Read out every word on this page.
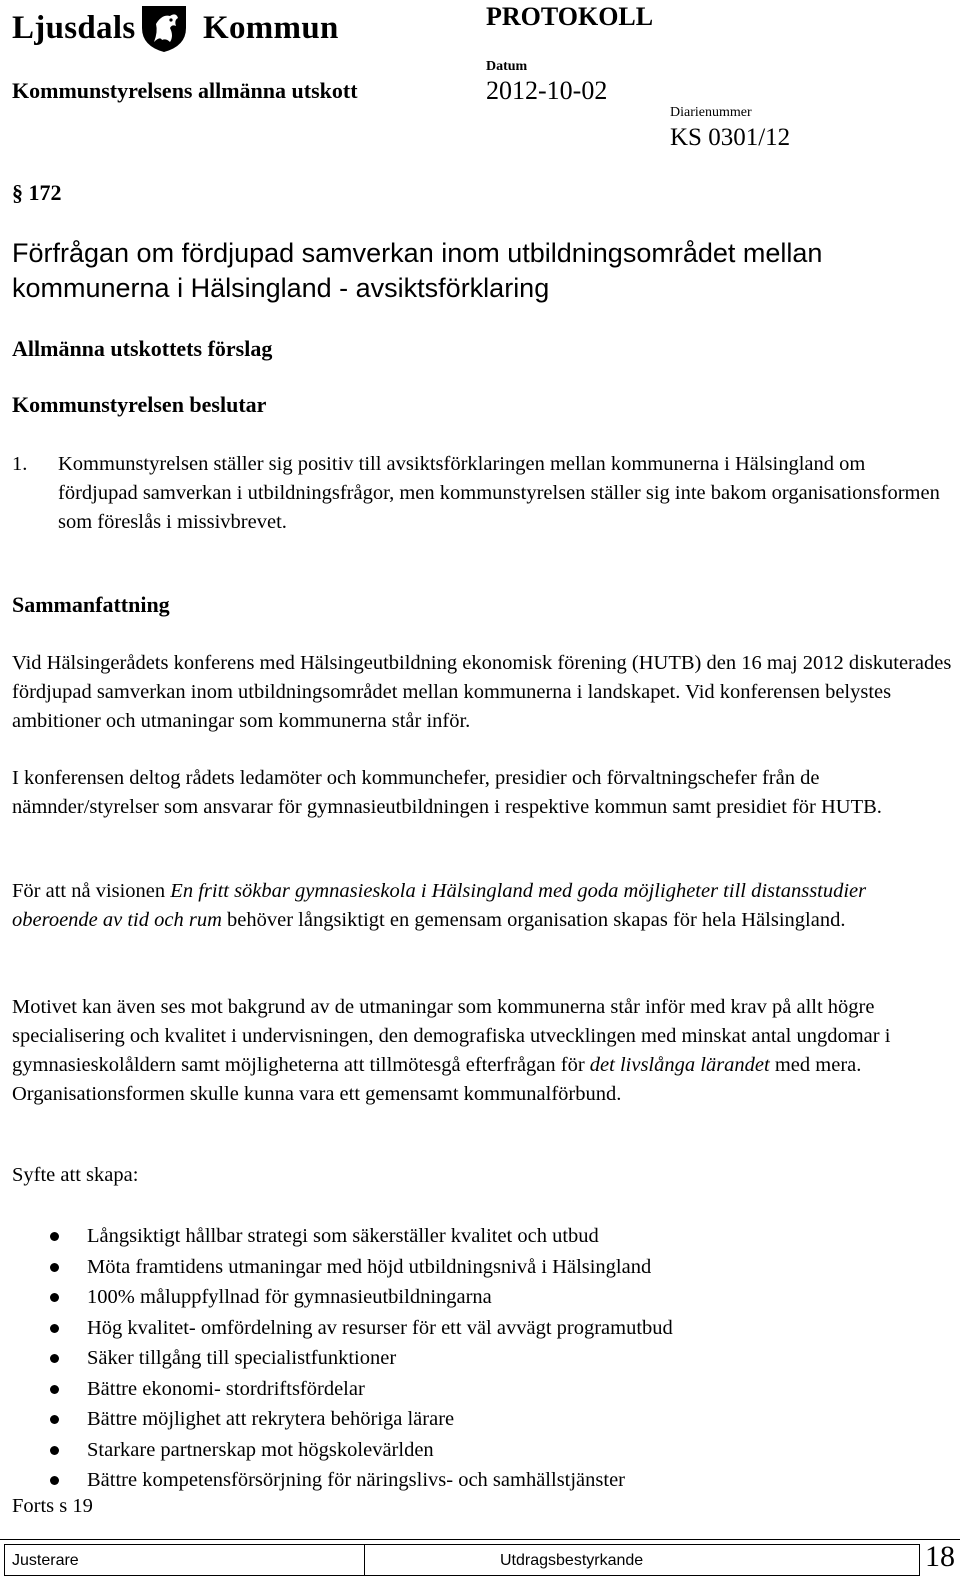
Ljusdals Kommun	PROTOKOLL
Kommunstyrelsens allmänna utskott
Datum
2012-10-02
Diarienummer
KS 0301/12
§ 172
Förfrågan om fördjupad samverkan inom utbildningsområdet mellan kommunerna i Hälsingland - avsiktsförklaring
Allmänna utskottets förslag
Kommunstyrelsen beslutar
1. Kommunstyrelsen ställer sig positiv till avsiktsförklaringen mellan kommunerna i Hälsingland om fördjupad samverkan i utbildningsfrågor, men kommunstyrelsen ställer sig inte bakom organisationsformen som föreslås i missivbrevet.
Sammanfattning
Vid Hälsingerådets konferens med Hälsingeutbildning ekonomisk förening (HUTB) den 16 maj 2012 diskuterades fördjupad samverkan inom utbildningsområdet mellan kommunerna i landskapet. Vid konferensen belystes ambitioner och utmaningar som kommunerna står inför.
I konferensen deltog rådets ledamöter och kommunchefer, presidier och förvaltningschefer från de nämnder/styrelser som ansvarar för gymnasieutbildningen i respektive kommun samt presidiet för HUTB.
För att nå visionen En fritt sökbar gymnasieskola i Hälsingland med goda möjligheter till distansstudier oberoende av tid och rum behöver långsiktigt en gemensam organisation skapas för hela Hälsingland.
Motivet kan även ses mot bakgrund av de utmaningar som kommunerna står inför med krav på allt högre specialisering och kvalitet i undervisningen, den demografiska utvecklingen med minskat antal ungdomar i gymnasieskolåldern samt möjligheterna att tillmötesgå efterfrågan för det livslånga lärandet med mera. Organisationsformen skulle kunna vara ett gemensamt kommunalförbund.
Syfte att skapa:
Långsiktigt hållbar strategi som säkerställer kvalitet och utbud
Möta framtidens utmaningar med höjd utbildningsnivå i Hälsingland
100% måluppfyllnad för gymnasieutbildningarna
Hög kvalitet- omfördelning av resurser för ett väl avvägt programutbud
Säker tillgång till specialistfunktioner
Bättre ekonomi- stordriftsfördelar
Bättre möjlighet att rekrytera behöriga lärare
Starkare partnerskap mot högskolevärlden
Bättre kompetensförsörjning för näringslivs- och samhällstjänster
Forts s 19
Justerare	Utdragsbestyrkande	18
